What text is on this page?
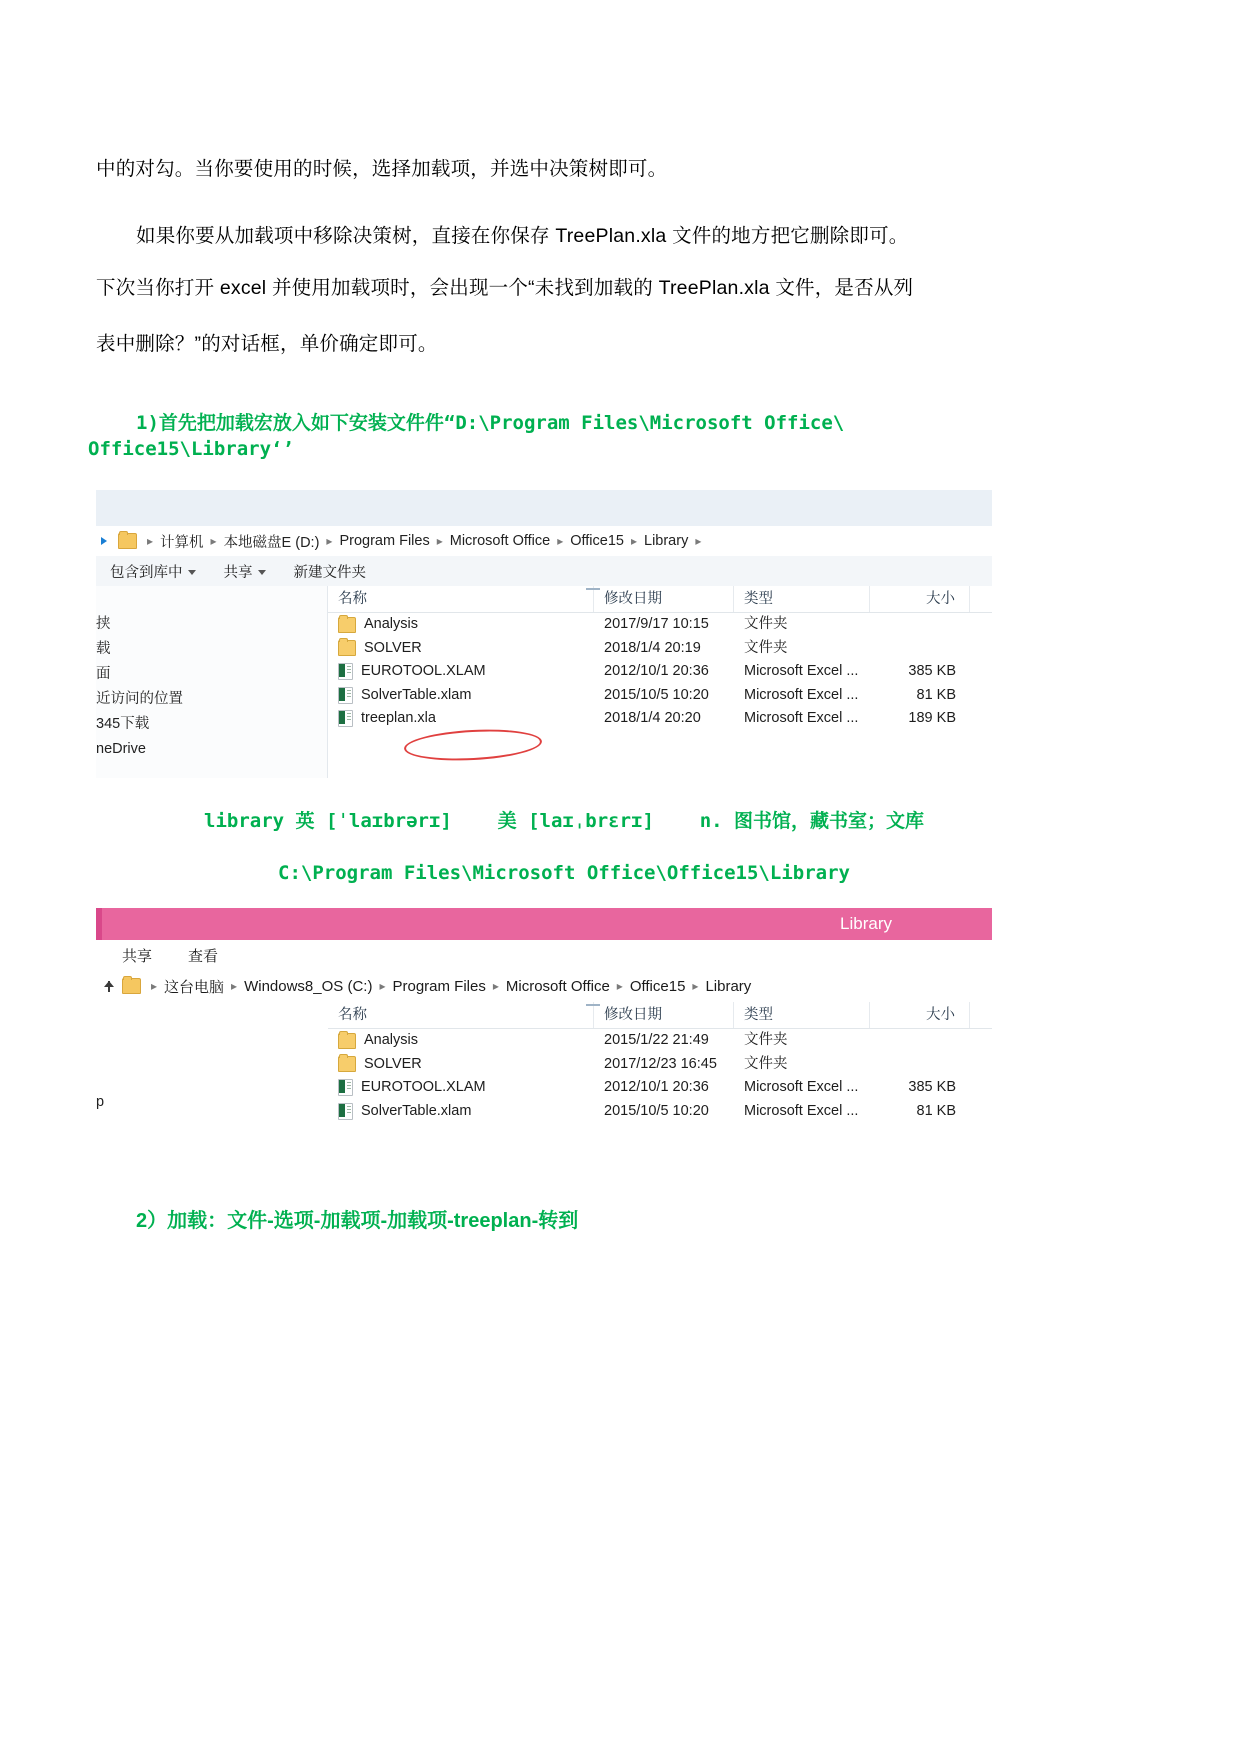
中的对勾。当你要使用的时候，选择加载项，并选中决策树即可。
如果你要从加载项中移除决策树，直接在你保存 TreePlan.xla 文件的地方把它删除即可。
下次当你打开 excel 并使用加载项时，会出现一个“未找到加载的 TreePlan.xla 文件，是否从列
表中删除？”的对话框，单价确定即可。
1)首先把加载宏放入如下安装文件件“D:\Program Files\Microsoft Office\
Office15\Library‘’
▸ 计算机 ▸ 本地磁盘E (D:) ▸ Program Files ▸ Microsoft Office ▸ Office15 ▸ Library ▸
包含到库中	共享	新建文件夹
挟
载
面
近访问的位置
345下载
neDrive
名称	修改日期	类型	大小
Analysis	2017/9/17 10:15	文件夹
SOLVER	2018/1/4 20:19	文件夹
EUROTOOL.XLAM	2012/10/1 20:36	Microsoft Excel ...	385 KB
SolverTable.xlam	2015/10/5 10:20	Microsoft Excel ...	81 KB
treeplan.xla	2018/1/4 20:20	Microsoft Excel ...	189 KB
library 英 [ˈlaɪbrərɪ] 美 [laɪˌbrɛrɪ] n. 图书馆，藏书室；文库
C:\Program Files\Microsoft Office\Office15\Library
Library
共享	查看
▸ 这台电脑 ▸ Windows8_OS (C:) ▸ Program Files ▸ Microsoft Office ▸ Office15 ▸ Library
p
名称	修改日期	类型	大小
Analysis	2015/1/22 21:49	文件夹
SOLVER	2017/12/23 16:45	文件夹
EUROTOOL.XLAM	2012/10/1 20:36	Microsoft Excel ...	385 KB
SolverTable.xlam	2015/10/5 10:20	Microsoft Excel ...	81 KB
2）加载：文件-选项-加载项-加载项-treeplan-转到
